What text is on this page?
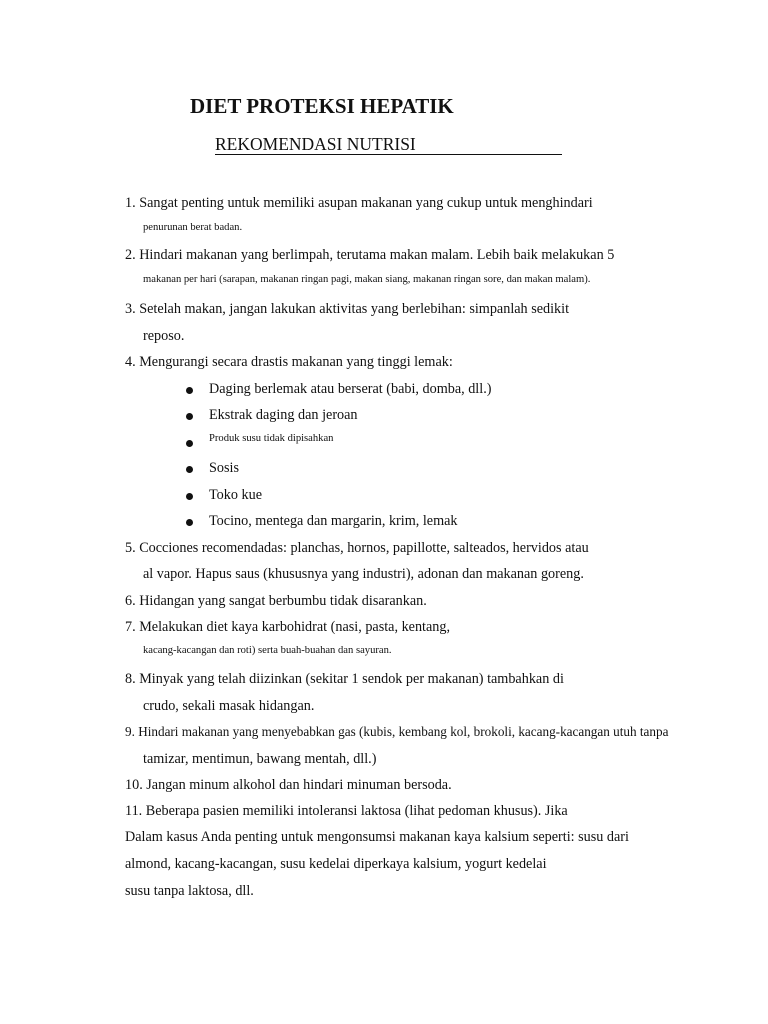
DIET PROTEKSI HEPATIK
REKOMENDASI NUTRISI
1. Sangat penting untuk memiliki asupan makanan yang cukup untuk menghindari
penurunan berat badan.
2. Hindari makanan yang berlimpah, terutama makan malam. Lebih baik melakukan 5
makanan per hari (sarapan, makanan ringan pagi, makan siang, makanan ringan sore, dan makan malam).
3. Setelah makan, jangan lakukan aktivitas yang berlebihan: simpanlah sedikit
reposo.
4. Mengurangi secara drastis makanan yang tinggi lemak:
Daging berlemak atau berserat (babi, domba, dll.)
Ekstrak daging dan jeroan
Produk susu tidak dipisahkan
Sosis
Toko kue
Tocino, mentega dan margarin, krim, lemak
5. Cocciones recomendadas: planchas, hornos, papillotte, salteados, hervidos atau
al vapor. Hapus saus (khususnya yang industri), adonan dan makanan goreng.
6. Hidangan yang sangat berbumbu tidak disarankan.
7. Melakukan diet kaya karbohidrat (nasi, pasta, kentang,
kacang-kacangan dan roti) serta buah-buahan dan sayuran.
8. Minyak yang telah diizinkan (sekitar 1 sendok per makanan) tambahkan di
crudo, sekali masak hidangan.
9. Hindari makanan yang menyebabkan gas (kubis, kembang kol, brokoli, kacang-kacangan utuh tanpa
tamizar, mentimun, bawang mentah, dll.)
10. Jangan minum alkohol dan hindari minuman bersoda.
11. Beberapa pasien memiliki intoleransi laktosa (lihat pedoman khusus). Jika
Dalam kasus Anda penting untuk mengonsumsi makanan kaya kalsium seperti: susu dari
almond, kacang-kacangan, susu kedelai diperkaya kalsium, yogurt kedelai
susu tanpa laktosa, dll.
